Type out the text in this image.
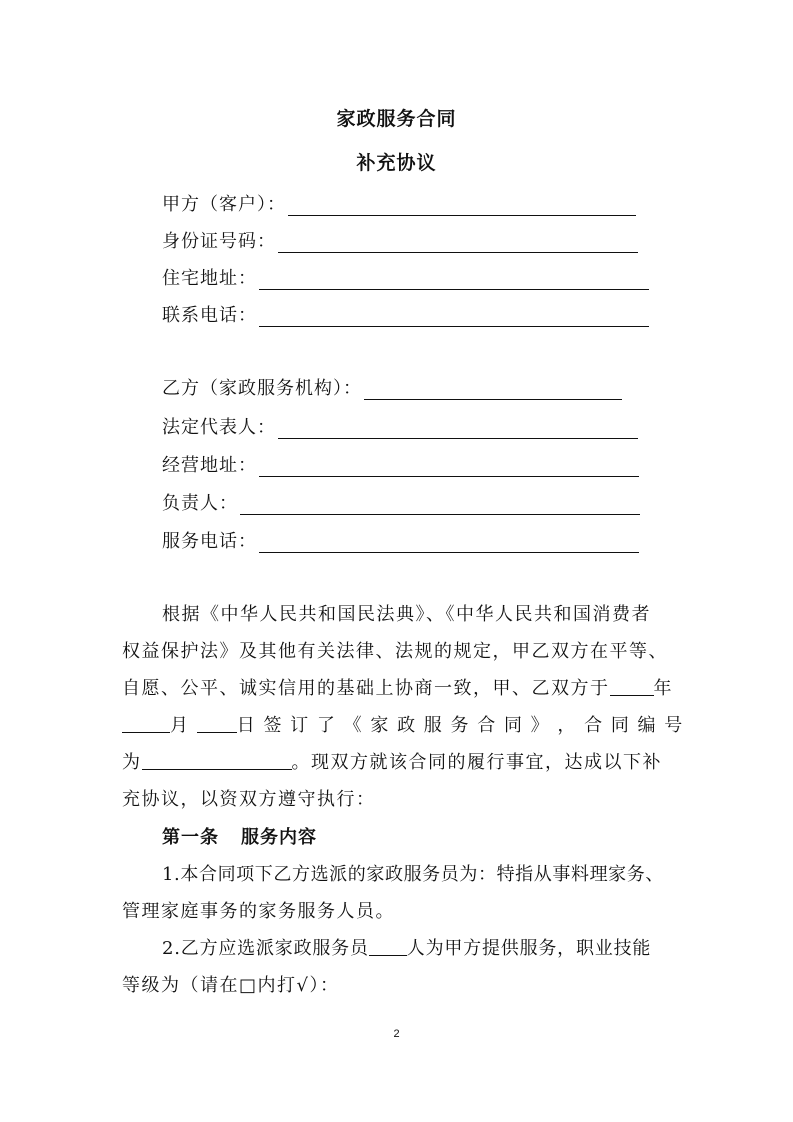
家政服务合同
补充协议
甲方（客户）：
身份证号码：
住宅地址：
联系电话：
乙方（家政服务机构）：
法定代表人：
经营地址：
负责人：
服务电话：
根据《中华人民共和国民法典》、《中华人民共和国消费者
权益保护法》及其他有关法律、法规的规定，甲乙双方在平等、
自愿、公平、诚实信用的基础上协商一致，甲、乙双方于 年
月	日 签 订 了 《 家 政 服 务 合 同 》 ， 合 同 编 号
为	。现双方就该合同的履行事宜，达成以下补
充协议，以资双方遵守执行：
第一条 服务内容
1.本合同项下乙方选派的家政服务员为：特指从事料理家务、
管理家庭事务的家务服务人员。
2.乙方应选派家政服务员 人为甲方提供服务，职业技能
等级为（请在□内打√）：
2
